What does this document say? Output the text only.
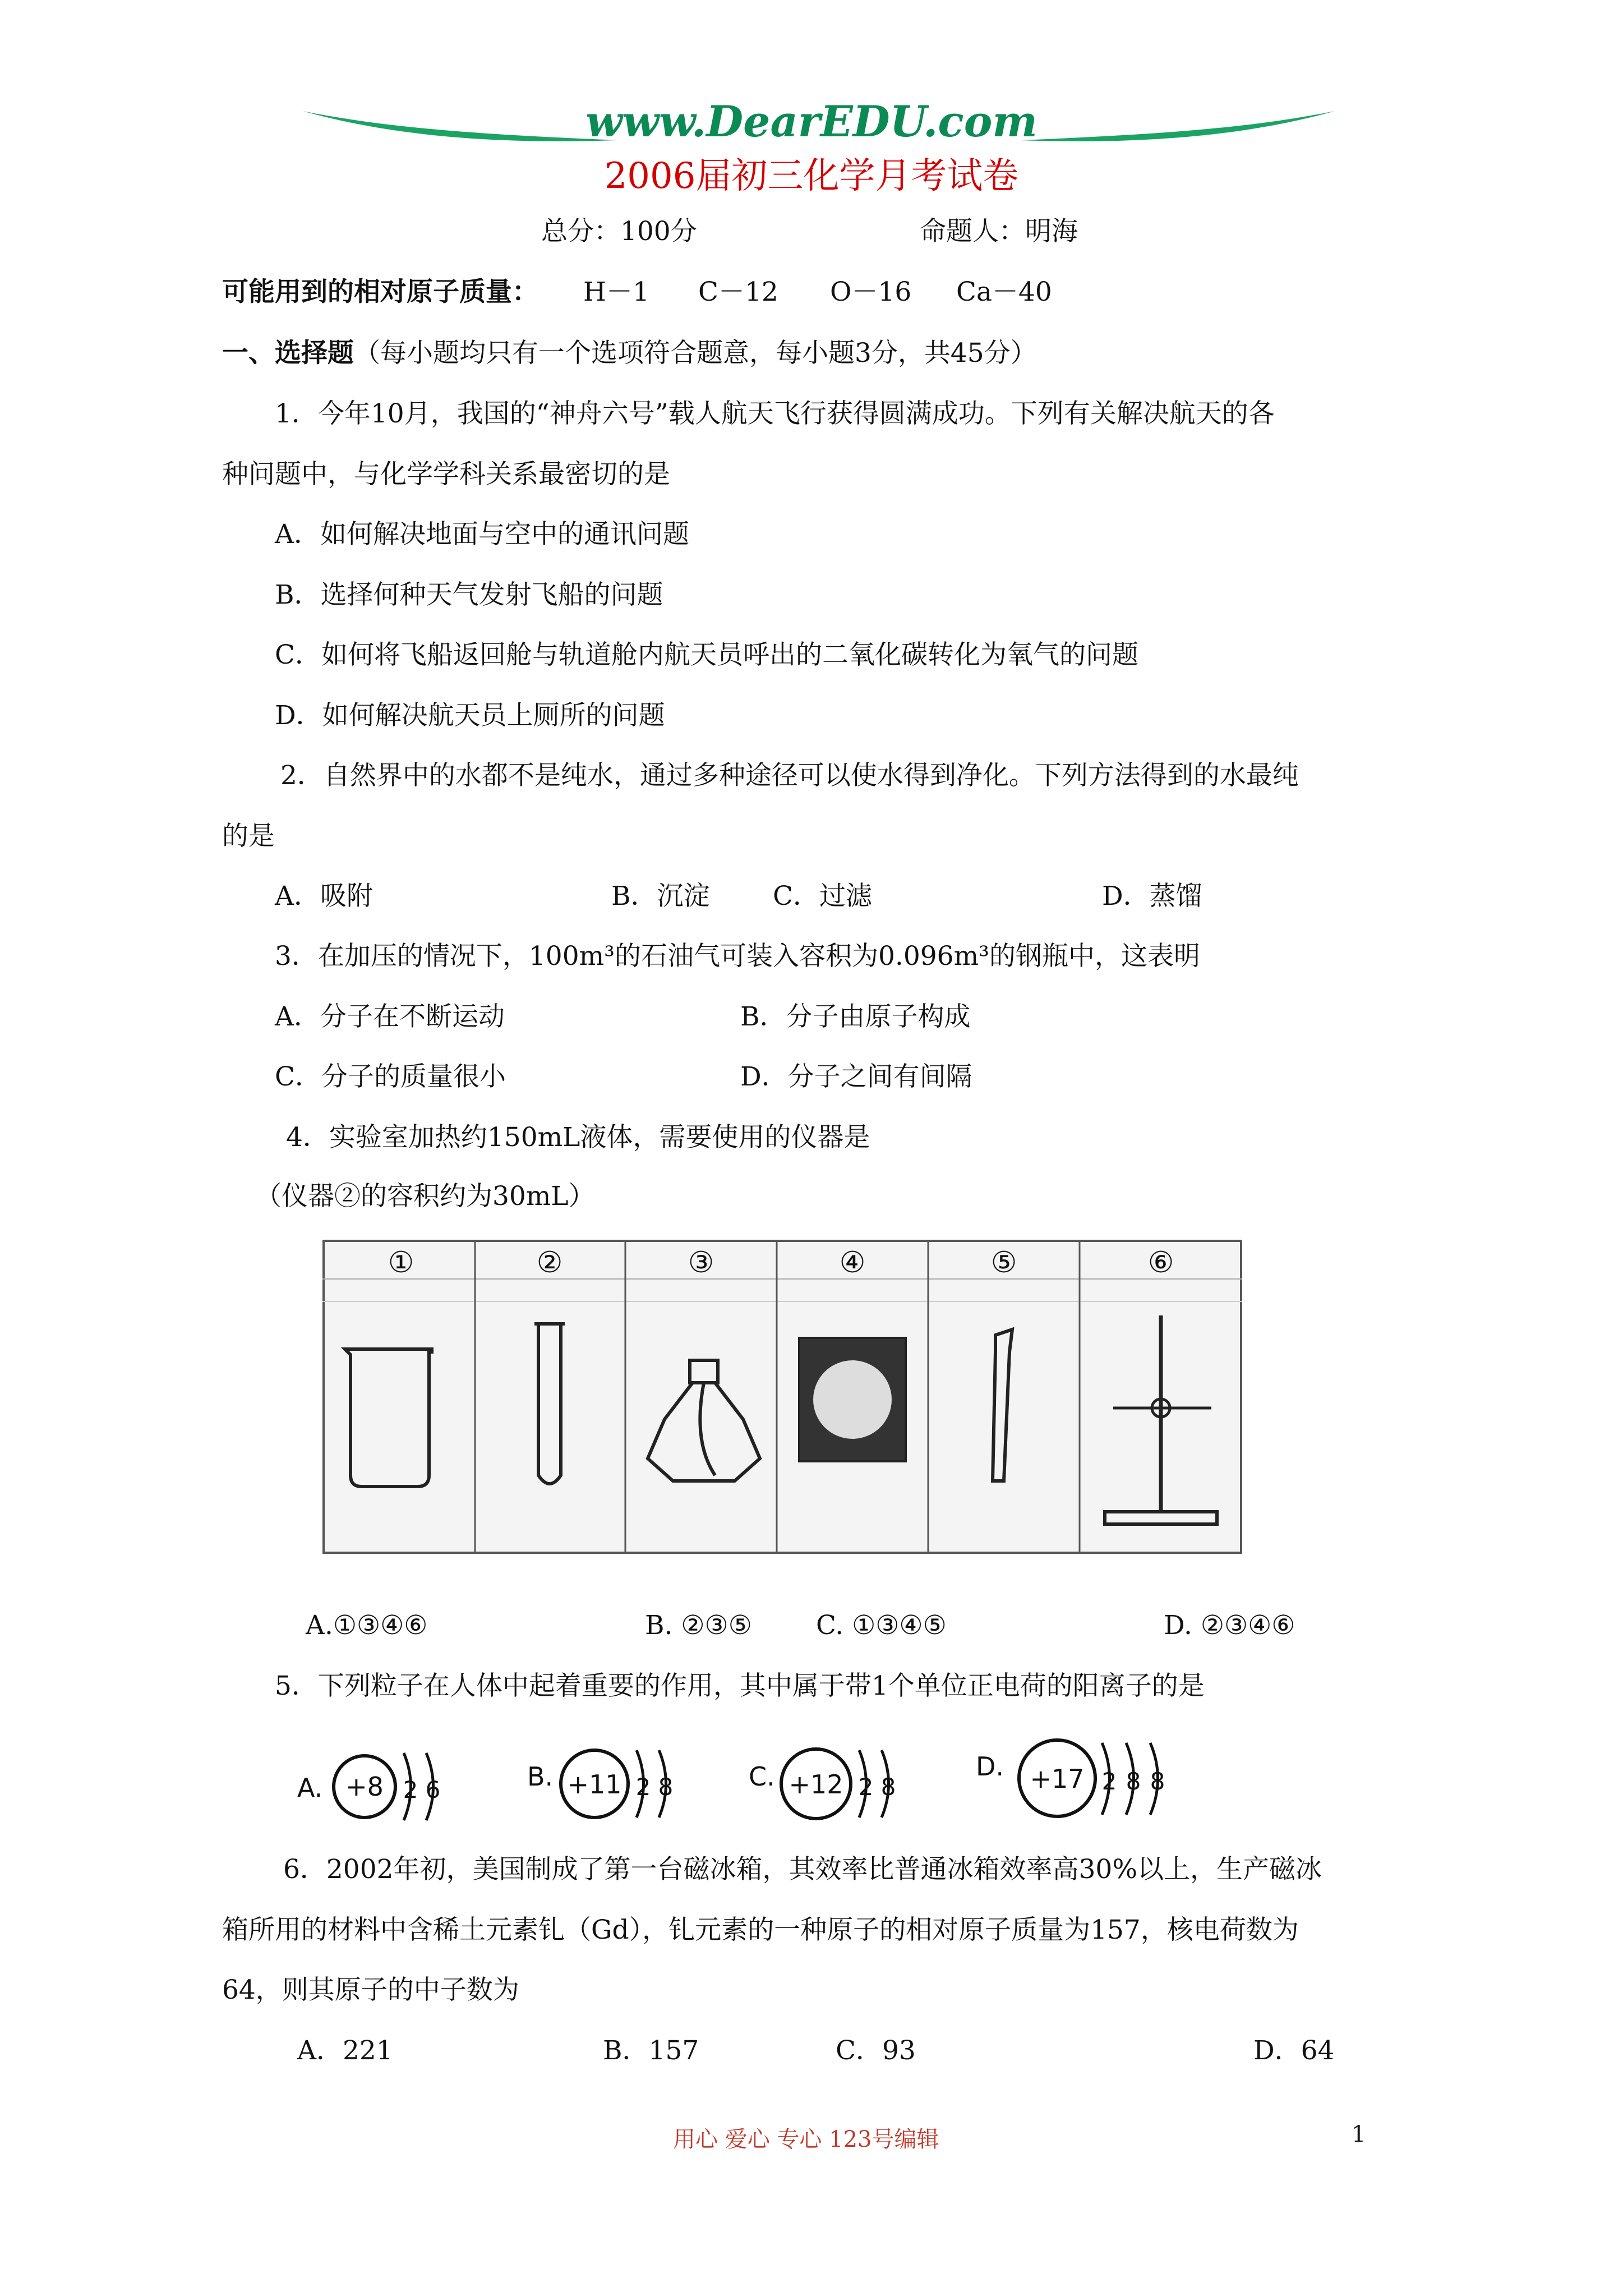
www.DearEDU.com
2006届初三化学月考试卷
总分：100分	命题人：明海
可能用到的相对原子质量： H－1 C－12 O－16 Ca－40
一、选择题（每小题均只有一个选项符合题意，每小题3分，共45分）
1．今年10月，我国的“神舟六号”载人航天飞行获得圆满成功。下列有关解决航天的各
种问题中，与化学学科关系最密切的是
A．如何解决地面与空中的通讯问题
B．选择何种天气发射飞船的问题
C．如何将飞船返回舱与轨道舱内航天员呼出的二氧化碳转化为氧气的问题
D．如何解决航天员上厕所的问题
2．自然界中的水都不是纯水，通过多种途径可以使水得到净化。下列方法得到的水最纯
的是
A．吸附	B．沉淀 C．过滤	D．蒸馏
3．在加压的情况下，100m³的石油气可装入容积为0.096m³的钢瓶中，这表明
A．分子在不断运动	B．分子由原子构成
C．分子的质量很小	D．分子之间有间隔
4．实验室加热约150mL液体，需要使用的仪器是
（仪器②的容积约为30mL）
①	②	③	④	⑤	⑥
A.①③④⑥	B. ②③⑤ C. ①③④⑤	D. ②③④⑥
5．下列粒子在人体中起着重要的作用，其中属于带1个单位正电荷的阳离子的是
A. +8 2 6	B. +11 2 8	C. +12 2 8
D. +17 2 8 8
6．2002年初，美国制成了第一台磁冰箱，其效率比普通冰箱效率高30%以上，生产磁冰
箱所用的材料中含稀土元素钆（Gd），钆元素的一种原子的相对原子质量为157，核电荷数为
64，则其原子的中子数为
A．221	B．157	C．93	D．64
用心 爱心 专心 123号编辑	1
